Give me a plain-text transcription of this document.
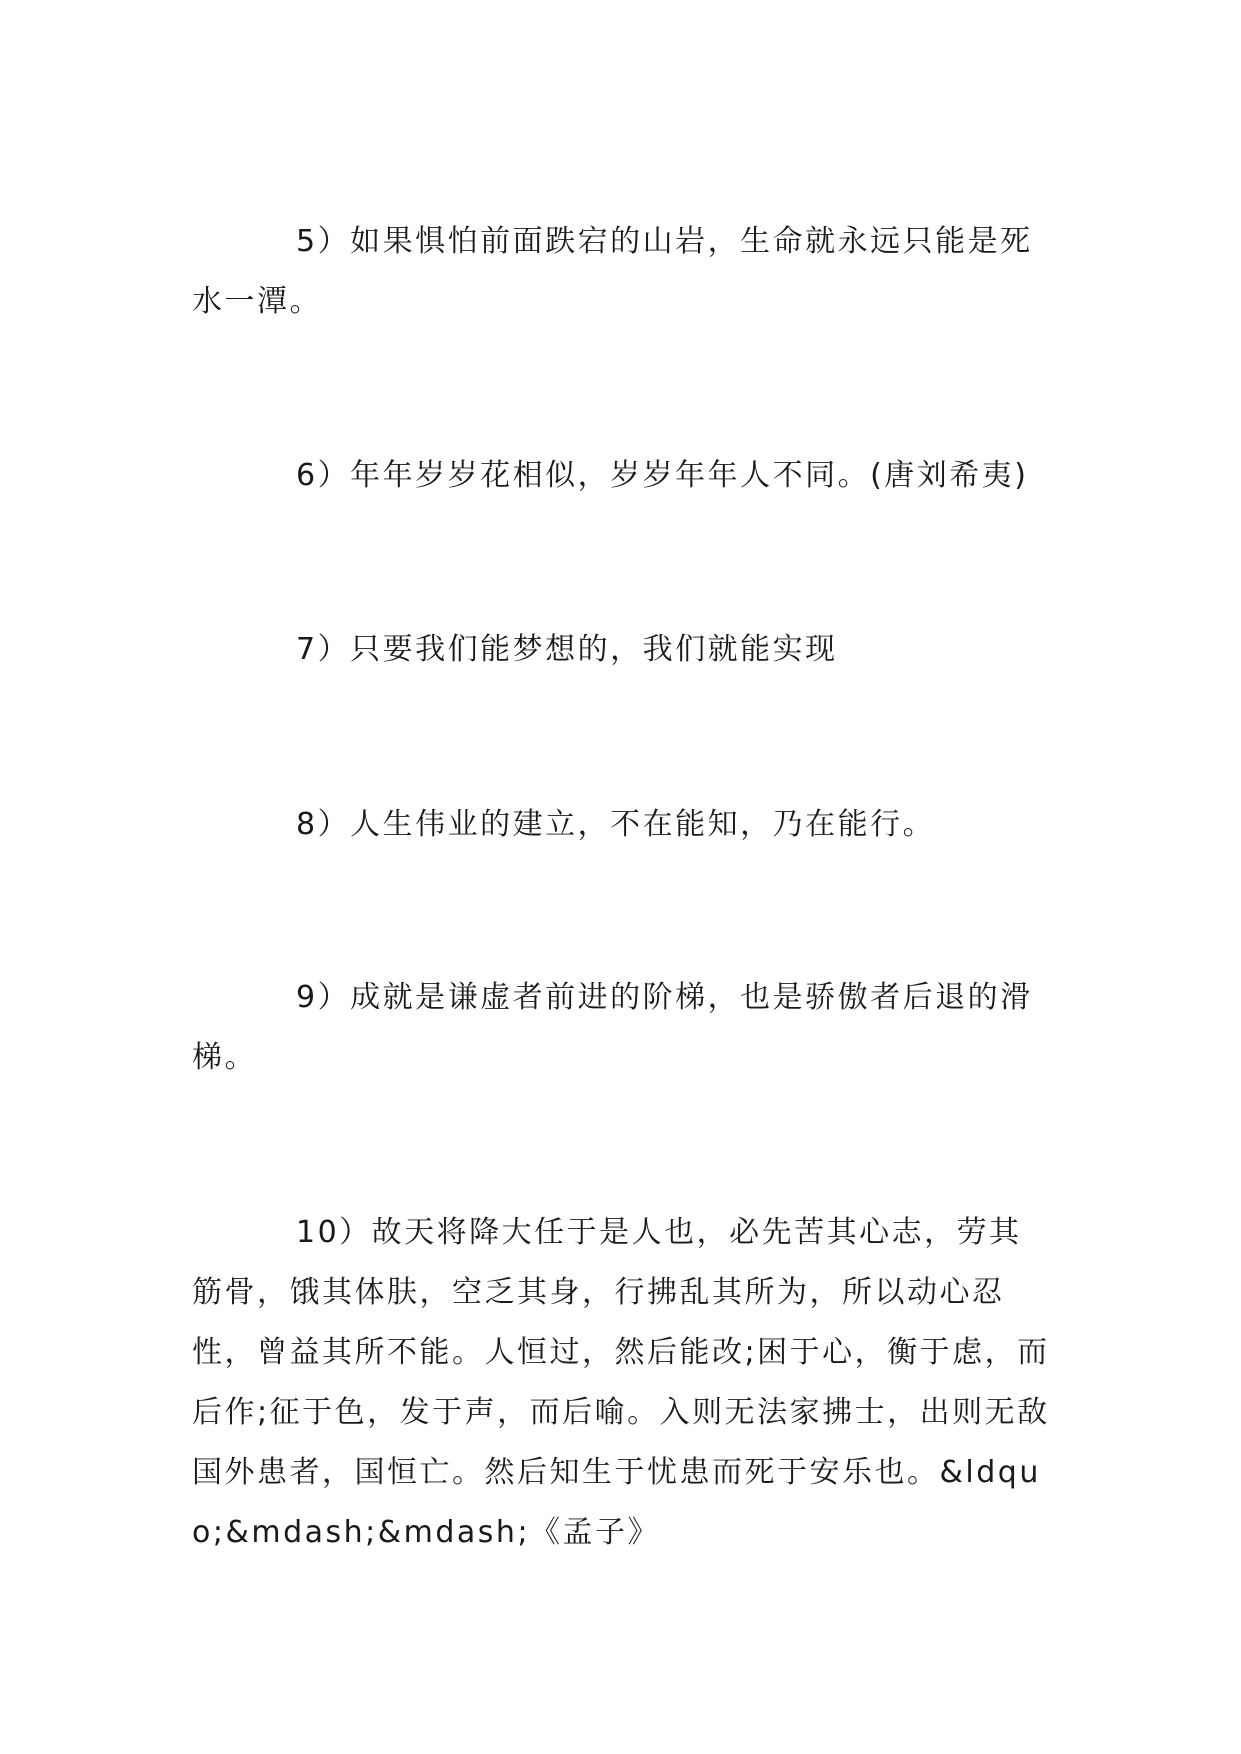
5）如果惧怕前面跌宕的山岩，生命就永远只能是死水一潭。

6）年年岁岁花相似，岁岁年年人不同。(唐刘希夷)

7）只要我们能梦想的，我们就能实现

8）人生伟业的建立，不在能知，乃在能行。

9）成就是谦虚者前进的阶梯，也是骄傲者后退的滑梯。

10）故天将降大任于是人也，必先苦其心志，劳其筋骨，饿其体肤，空乏其身，行拂乱其所为，所以动心忍性，曾益其所不能。人恒过，然后能改;困于心，衡于虑，而后作;征于色，发于声，而后喻。入则无法家拂士，出则无敌国外患者，国恒亡。然后知生于忧患而死于安乐也。&ldquo;&mdash;&mdash;《孟子》
